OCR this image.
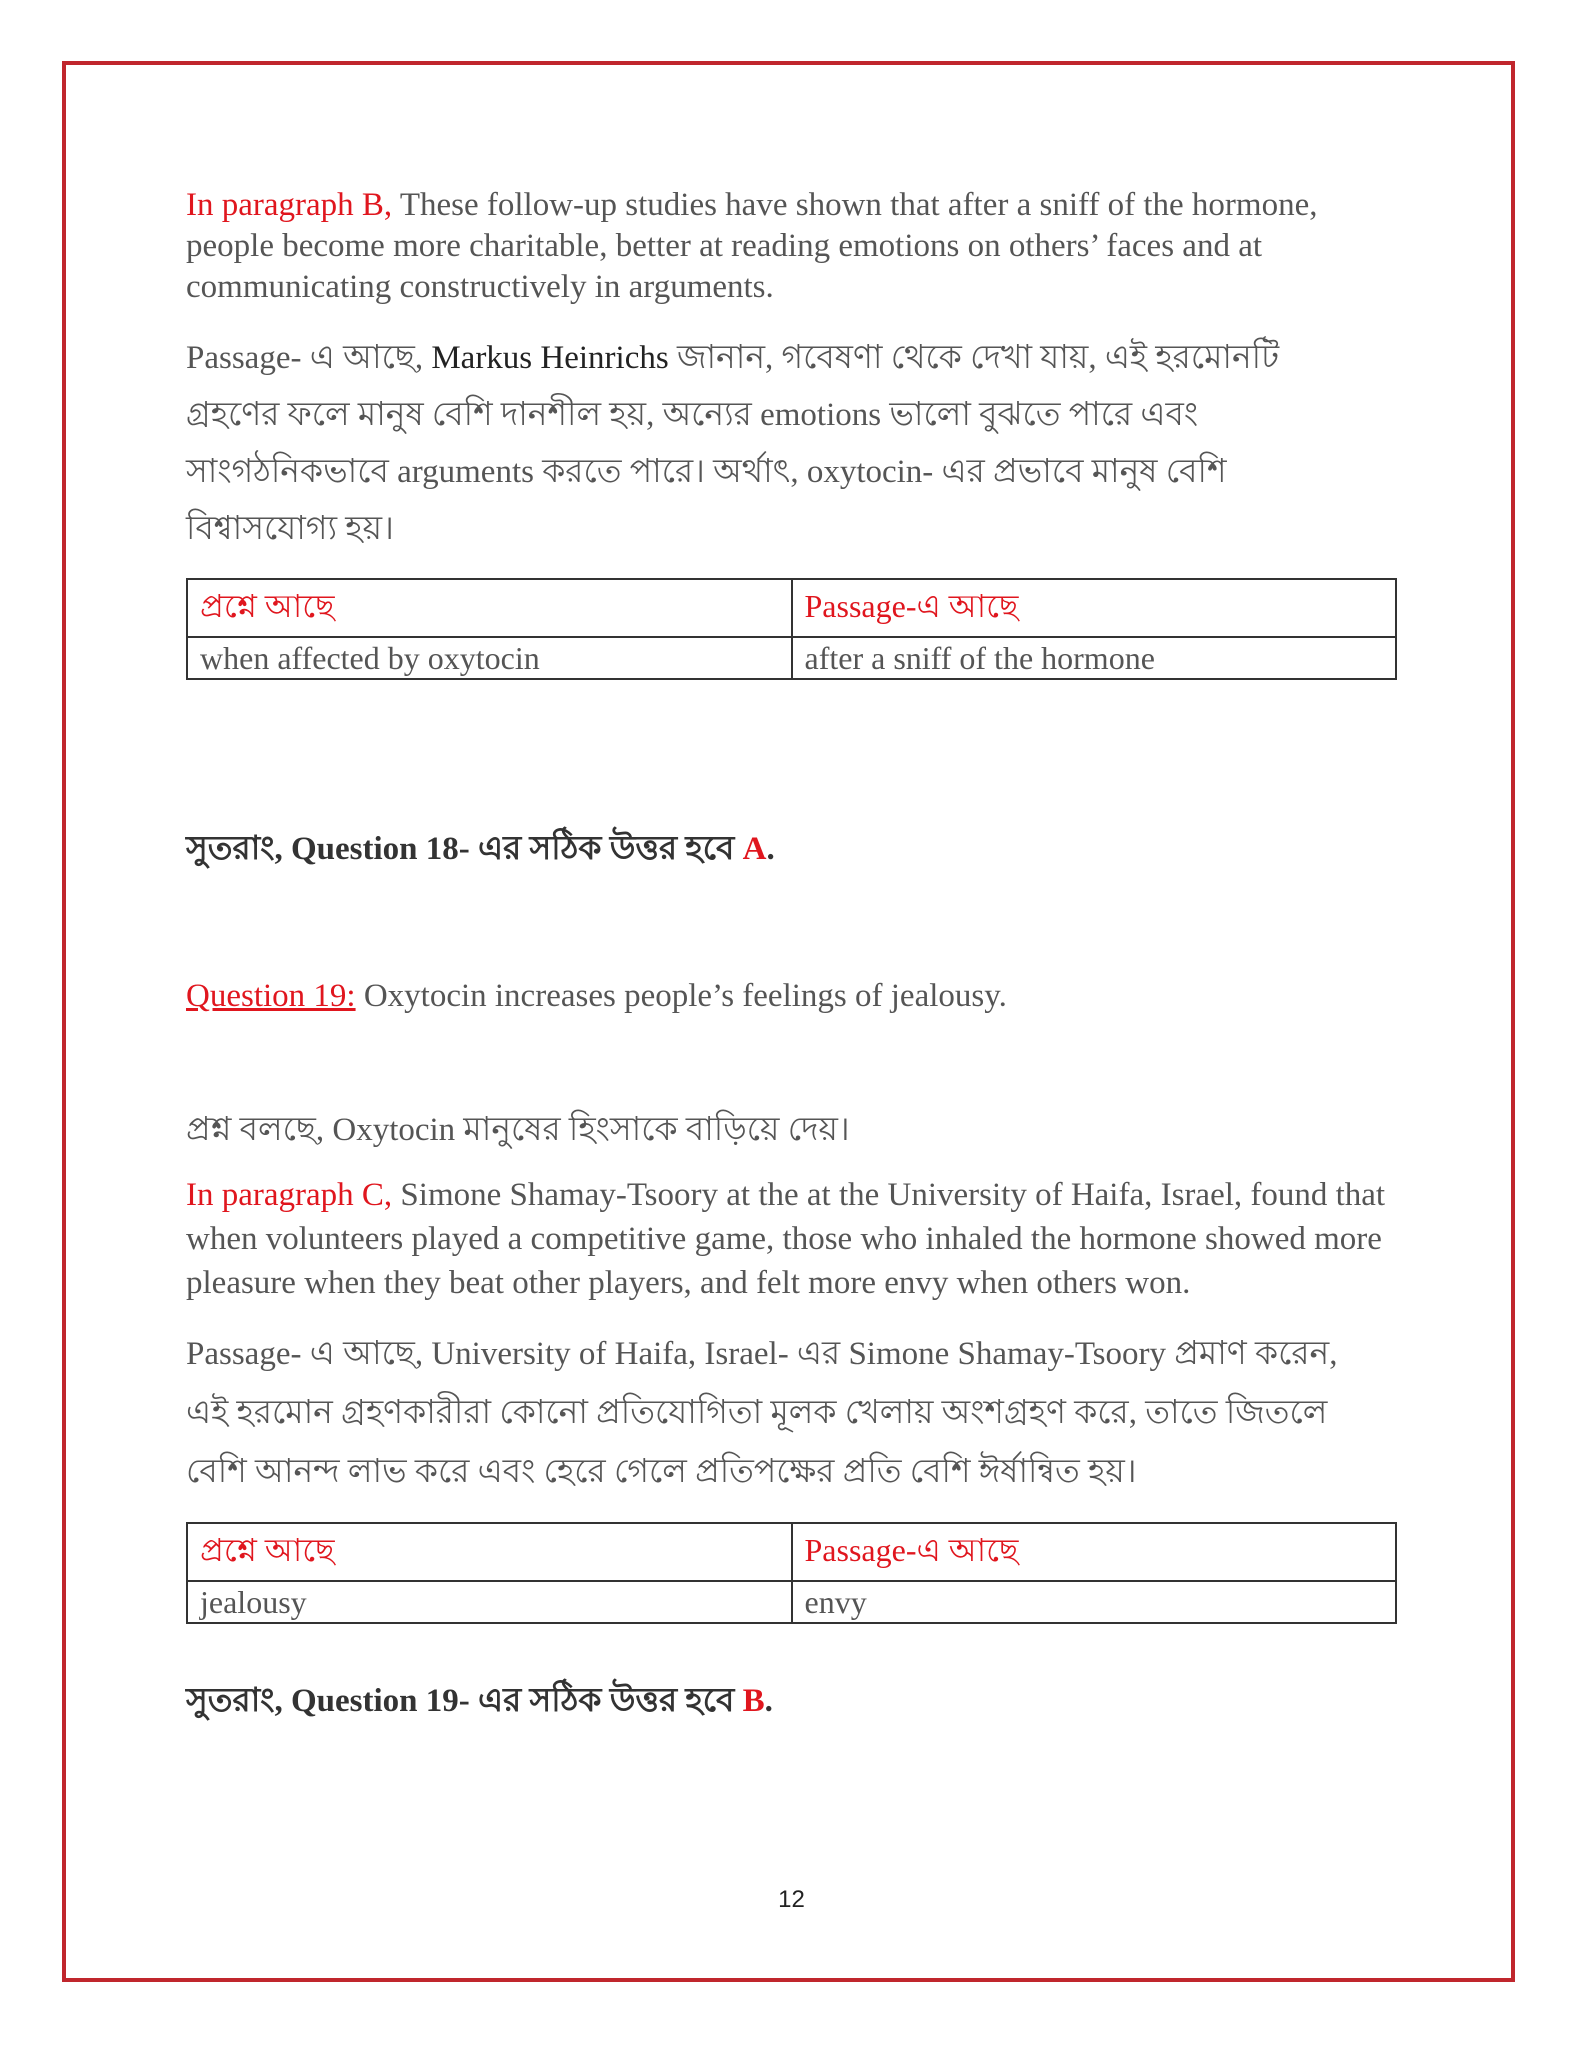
In paragraph B, These follow-up studies have shown that after a sniff of the hormone, people become more charitable, better at reading emotions on others’ faces and at communicating constructively in arguments.

Passage- এ আছে, Markus Heinrichs জানান, গবেষণা থেকে দেখা যায়, এই হরমোনটি গ্রহণের ফলে মানুষ বেশি দানশীল হয়, অন্যের emotions ভালো বুঝতে পারে এবং সাংগঠনিকভাবে arguments করতে পারে। অর্থাৎ, oxytocin- এর প্রভাবে মানুষ বেশি বিশ্বাসযোগ্য হয়।

প্রশ্নে আছে	Passage-এ আছে
when affected by oxytocin	after a sniff of the hormone

সুতরাং, Question 18- এর সঠিক উত্তর হবে A.

Question 19: Oxytocin increases people’s feelings of jealousy.

প্রশ্ন বলছে, Oxytocin মানুষের হিংসাকে বাড়িয়ে দেয়।

In paragraph C, Simone Shamay-Tsoory at the at the University of Haifa, Israel, found that when volunteers played a competitive game, those who inhaled the hormone showed more pleasure when they beat other players, and felt more envy when others won.

Passage- এ আছে, University of Haifa, Israel- এর Simone Shamay-Tsoory প্রমাণ করেন, এই হরমোন গ্রহণকারীরা কোনো প্রতিযোগিতা মূলক খেলায় অংশগ্রহণ করে, তাতে জিতলে বেশি আনন্দ লাভ করে এবং হেরে গেলে প্রতিপক্ষের প্রতি বেশি ঈর্ষান্বিত হয়।

প্রশ্নে আছে	Passage-এ আছে
jealousy	envy

সুতরাং, Question 19- এর সঠিক উত্তর হবে B.

12
